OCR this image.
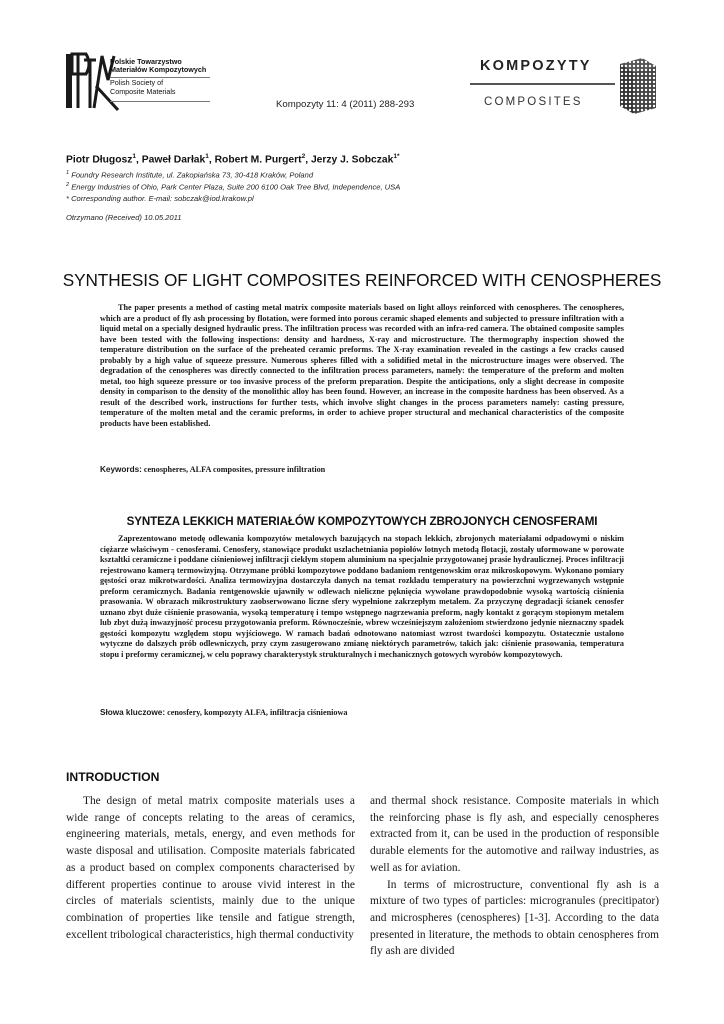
Polskie Towarzystwo
Materiałów Kompozytowych
Polish Society of
Composite Materials
Kompozyty 11: 4 (2011) 288-293
KOMPOZYTY
COMPOSITES
Piotr Długosz$^1$, Paweł Darłak$^1$, Robert M. Purgert$^2$, Jerzy J. Sobczak$^{1*}$
$^1$ Foundry Research Institute, ul. Zakopiańska 73, 30-418 Kraków, Poland
$^2$ Energy Industries of Ohio, Park Center Plaza, Suite 200 6100 Oak Tree Blvd, Independence, USA
* Corresponding author. E-mail: sobczak@iod.krakow.pl
Otrzymano (Received) 10.05.2011
SYNTHESIS OF LIGHT COMPOSITES REINFORCED WITH CENOSPHERES
The paper presents a method of casting metal matrix composite materials based on light alloys reinforced with cenospheres. The cenospheres, which are a product of fly ash processing by flotation, were formed into porous ceramic shaped elements and subjected to pressure infiltration with a liquid metal on a specially designed hydraulic press. The infiltration process was recorded with an infra-red camera. The obtained composite samples have been tested with the following inspections: density and hardness, X-ray and microstructure. The thermography inspection showed the temperature distribution on the surface of the preheated ceramic preforms. The X-ray examination revealed in the castings a few cracks caused probably by a high value of squeeze pressure. Numerous spheres filled with a solidified metal in the microstructure images were observed. The degradation of the cenospheres was directly connected to the infiltration process parameters, namely: the temperature of the preform and molten metal, too high squeeze pressure or too invasive process of the preform preparation. Despite the anticipations, only a slight decrease in composite density in comparison to the density of the monolithic alloy has been found. However, an increase in the composite hardness has been observed. As a result of the described work, instructions for further tests, which involve slight changes in the process parameters namely: casting pressure, temperature of the molten metal and the ceramic preforms, in order to achieve proper structural and mechanical characteristics of the composite products have been established.
Keywords: cenospheres, ALFA composites, pressure infiltration
SYNTEZA LEKKICH MATERIAŁÓW KOMPOZYTOWYCH ZBROJONYCH CENOSFERAMI
Zaprezentowano metodę odlewania kompozytów metalowych bazujących na stopach lekkich, zbrojonych materiałami odpadowymi o niskim ciężarze właściwym - cenosferami. Cenosfery, stanowiące produkt uszlachetniania popiołów lotnych metodą flotacji, zostały uformowane w porowate kształtki ceramiczne i poddane ciśnieniowej infiltracji ciekłym stopem aluminium na specjalnie przygotowanej prasie hydraulicznej. Proces infiltracji rejestrowano kamerą termowizyjną. Otrzymane próbki kompozytowe poddano badaniom rentgenowskim oraz mikroskopowym. Wykonano pomiary gęstości oraz mikrotwardości. Analiza termowizyjna dostarczyła danych na temat rozkładu temperatury na powierzchni wygrzewanych wstępnie preform ceramicznych. Badania rentgenowskie ujawniły w odlewach nieliczne pęknięcia wywołane prawdopodobnie wysoką wartością ciśnienia prasowania. W obrazach mikrostruktury zaobserwowano liczne sfery wypełnione zakrzepłym metalem. Za przyczynę degradacji ścianek cenosfer uznano zbyt duże ciśnienie prasowania, wysoką temperaturę i tempo wstępnego nagrzewania preform, nagły kontakt z gorącym stopionym metalem lub zbyt dużą inwazyjność procesu przygotowania preform. Równocześnie, wbrew wcześniejszym założeniom stwierdzono jedynie nieznaczny spadek gęstości kompozytu względem stopu wyjściowego. W ramach badań odnotowano natomiast wzrost twardości kompozytu. Ostatecznie ustalono wytyczne do dalszych prób odlewniczych, przy czym zasugerowano zmianę niektórych parametrów, takich jak: ciśnienie prasowania, temperatura stopu i preformy ceramicznej, w celu poprawy charakterystyk strukturalnych i mechanicznych gotowych wyrobów kompozytowych.
Słowa kluczowe: cenosfery, kompozyty ALFA, infiltracja ciśnieniowa
INTRODUCTION

The design of metal matrix composite materials uses a wide range of concepts relating to the areas of ceramics, engineering materials, metals, energy, and even methods for waste disposal and utilisation. Composite materials fabricated as a product based on complex components characterised by different properties continue to arouse vivid interest in the circles of materials scientists, mainly due to the unique combination of properties like tensile and fatigue strength, excellent tribological characteristics, high thermal conductivity

and thermal shock resistance. Composite materials in which the reinforcing phase is fly ash, and especially cenospheres extracted from it, can be used in the production of responsible durable elements for the automotive and railway industries, as well as for aviation.

In terms of microstructure, conventional fly ash is a mixture of two types of particles: microgranules (precitipator) and microspheres (cenospheres) [1-3]. According to the data presented in literature, the methods to obtain cenospheres from fly ash are divided
